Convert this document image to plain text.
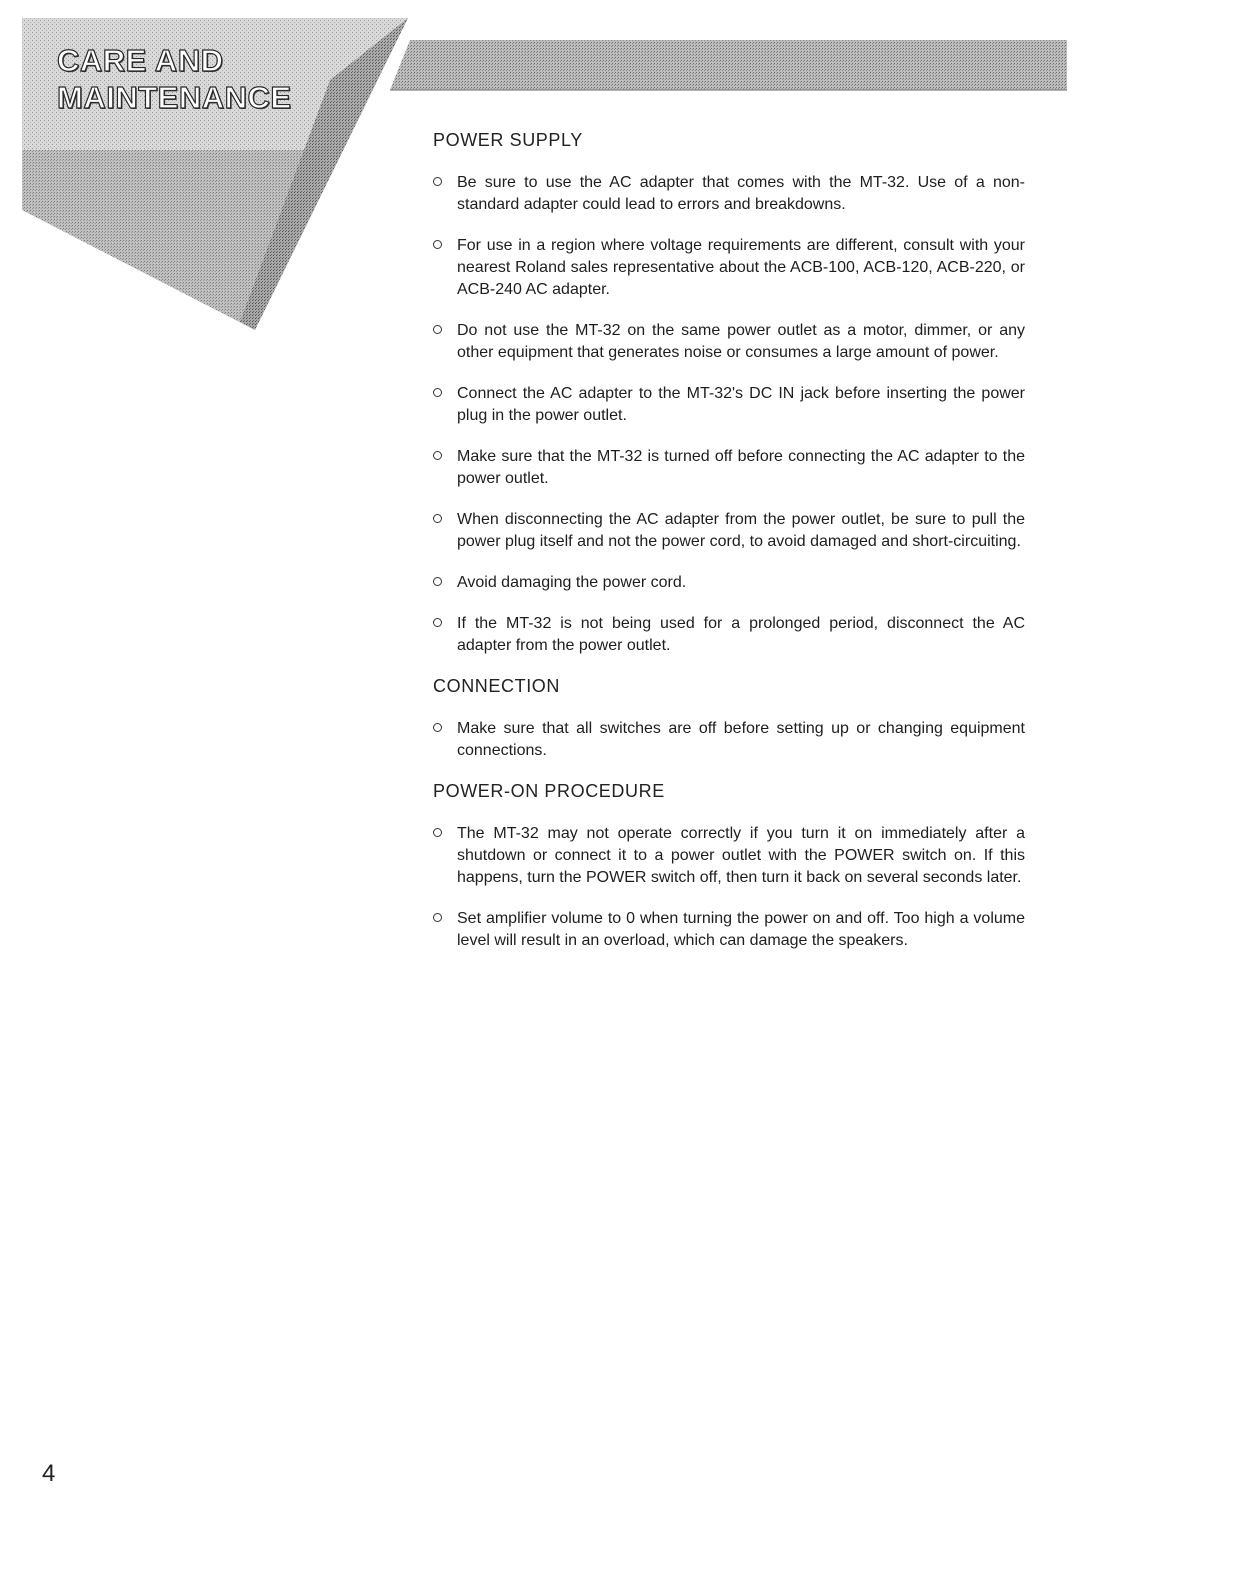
CARE AND
MAINTENANCE
POWER SUPPLY
Be sure to use the AC adapter that comes with the MT-32. Use of a non-standard adapter could lead to errors and breakdowns.
For use in a region where voltage requirements are different, consult with your nearest Roland sales representative about the ACB-100, ACB-120, ACB-220, or ACB-240 AC adapter.
Do not use the MT-32 on the same power outlet as a motor, dimmer, or any other equipment that generates noise or consumes a large amount of power.
Connect the AC adapter to the MT-32's DC IN jack before inserting the power plug in the power outlet.
Make sure that the MT-32 is turned off before connecting the AC adapter to the power outlet.
When disconnecting the AC adapter from the power outlet, be sure to pull the power plug itself and not the power cord, to avoid damaged and short-circuiting.
Avoid damaging the power cord.
If the MT-32 is not being used for a prolonged period, disconnect the AC adapter from the power outlet.
CONNECTION
Make sure that all switches are off before setting up or changing equipment connections.
POWER-ON PROCEDURE
The MT-32 may not operate correctly if you turn it on immediately after a shutdown or connect it to a power outlet with the POWER switch on. If this happens, turn the POWER switch off, then turn it back on several seconds later.
Set amplifier volume to 0 when turning the power on and off. Too high a volume level will result in an overload, which can damage the speakers.

4
